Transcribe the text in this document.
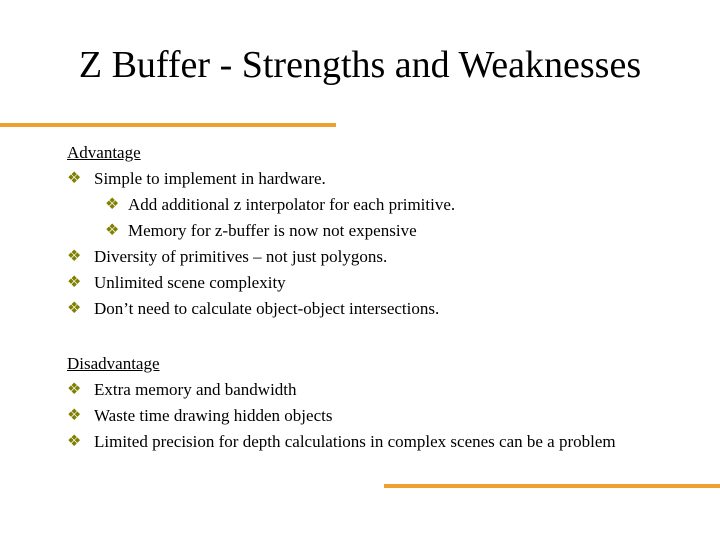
Z Buffer - Strengths and Weaknesses
Advantage
❖ Simple to implement in hardware.
❖ Add additional z interpolator for each primitive.
❖ Memory for z-buffer is now not expensive
❖ Diversity of primitives – not just polygons.
❖ Unlimited scene complexity
❖ Don’t need to calculate object-object intersections.
Disadvantage
❖ Extra memory and bandwidth
❖ Waste time drawing hidden objects
❖ Limited precision for depth calculations in complex scenes can be a problem
